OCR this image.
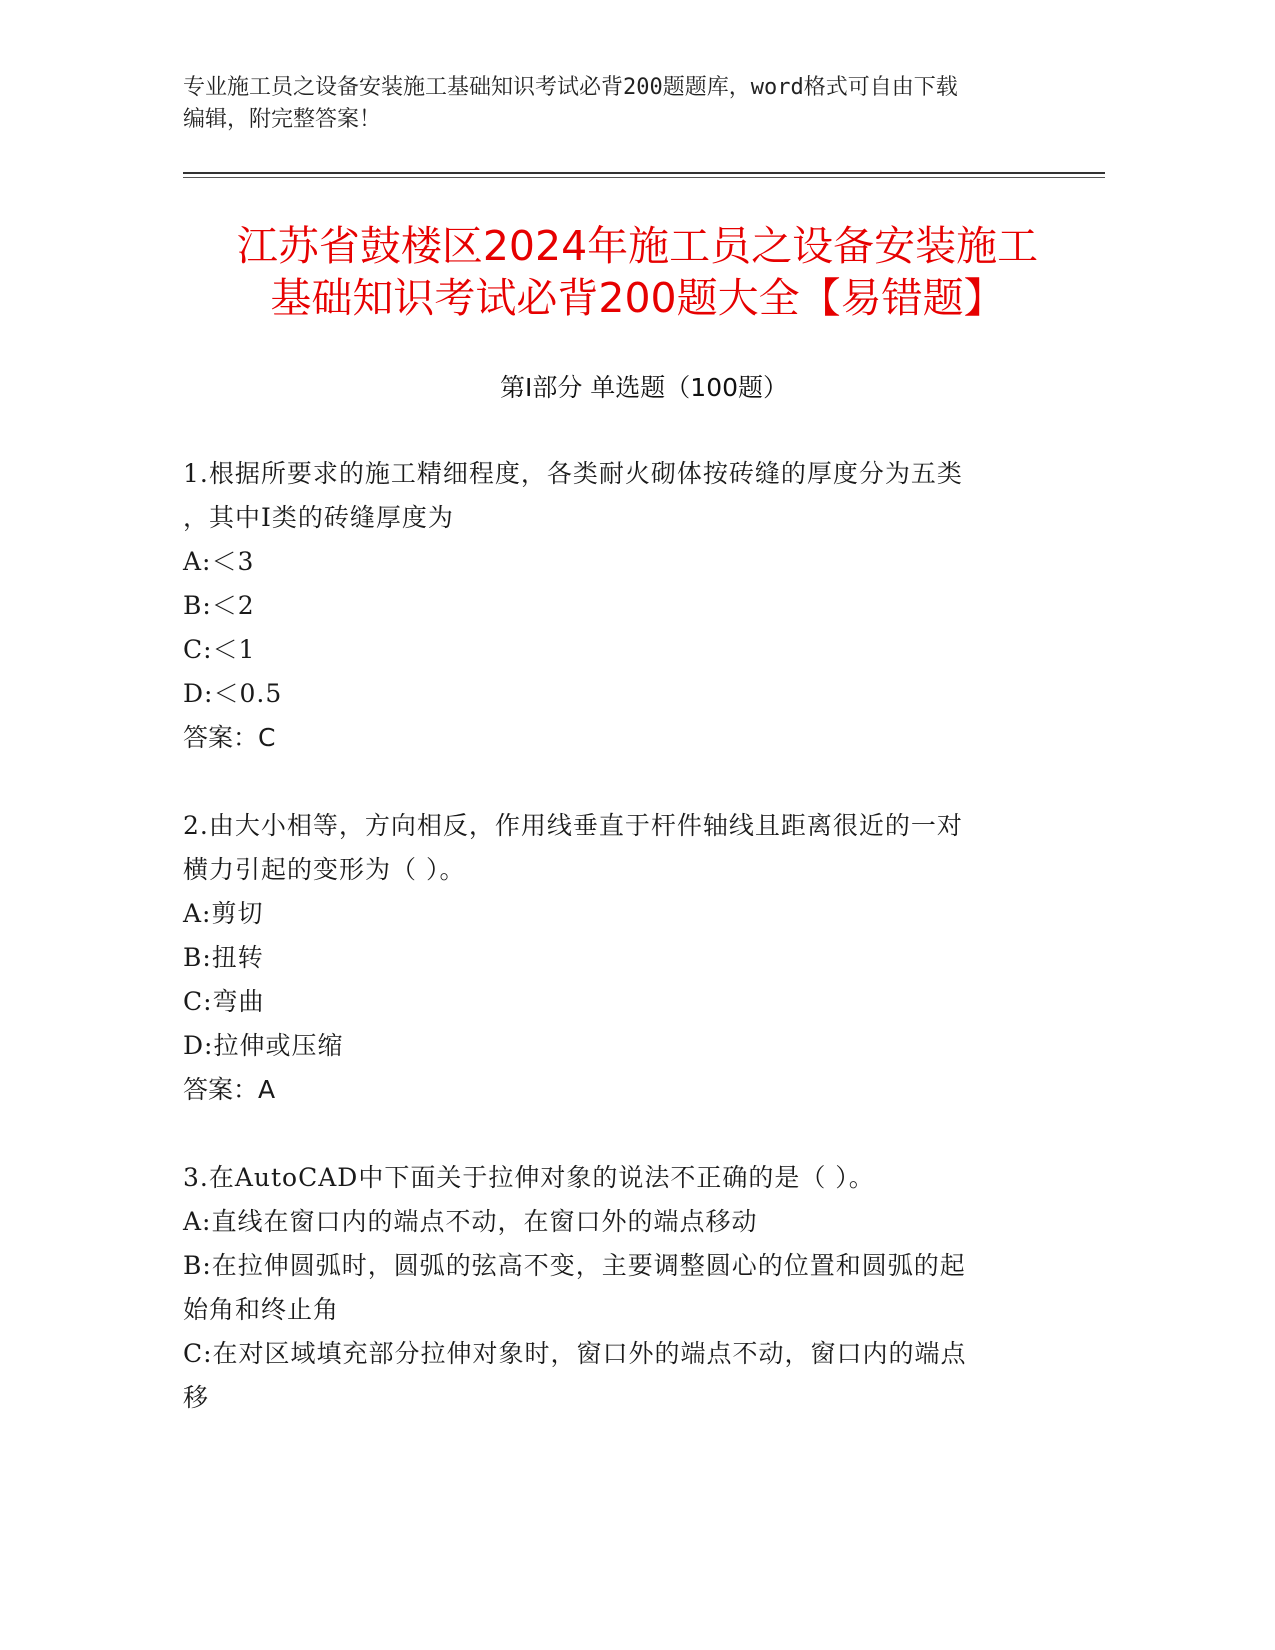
专业施工员之设备安装施工基础知识考试必背200题题库，word格式可自由下载
编辑，附完整答案！
江苏省鼓楼区2024年施工员之设备安装施工
基础知识考试必背200题大全【易错题】
第Ⅰ部分 单选题（100题）

1.根据所要求的施工精细程度，各类耐火砌体按砖缝的厚度分为五类

，其中Ⅰ类的砖缝厚度为

A:＜3

B:＜2

C:＜1

D:＜0.5

答案：C

2.由大小相等，方向相反，作用线垂直于杆件轴线且距离很近的一对

横力引起的变形为（ ）。

A:剪切

B:扭转

C:弯曲

D:拉伸或压缩

答案：A

3.在AutoCAD中下面关于拉伸对象的说法不正确的是（ ）。

A:直线在窗口内的端点不动，在窗口外的端点移动

B:在拉伸圆弧时，圆弧的弦高不变，主要调整圆心的位置和圆弧的起

始角和终止角

C:在对区域填充部分拉伸对象时，窗口外的端点不动，窗口内的端点

移
